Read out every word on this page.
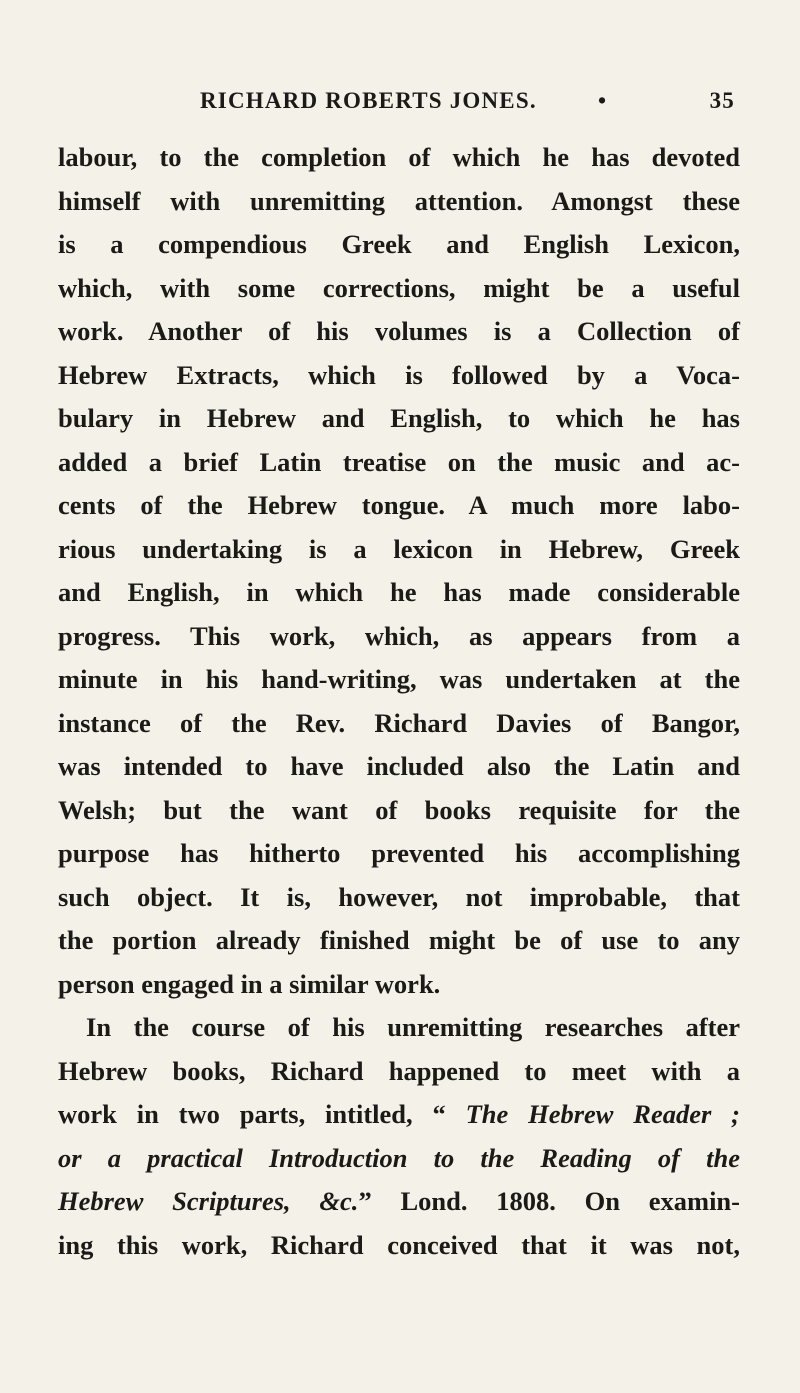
RICHARD ROBERTS JONES.	•	35
labour, to the completion of which he has devoted
himself with unremitting attention. Amongst these
is a compendious Greek and English Lexicon,
which, with some corrections, might be a useful
work. Another of his volumes is a Collection of
Hebrew Extracts, which is followed by a Voca-
bulary in Hebrew and English, to which he has
added a brief Latin treatise on the music and ac-
cents of the Hebrew tongue. A much more labo-
rious undertaking is a lexicon in Hebrew, Greek
and English, in which he has made considerable
progress. This work, which, as appears from a
minute in his hand-writing, was undertaken at the
instance of the Rev. Richard Davies of Bangor,
was intended to have included also the Latin and
Welsh; but the want of books requisite for the
purpose has hitherto prevented his accomplishing
such object. It is, however, not improbable, that
the portion already finished might be of use to any
person engaged in a similar work.
In the course of his unremitting researches after
Hebrew books, Richard happened to meet with a
work in two parts, intitled, “ The Hebrew Reader ;
or a practical Introduction to the Reading of the
Hebrew Scriptures, &c.” Lond. 1808. On examin-
ing this work, Richard conceived that it was not,
